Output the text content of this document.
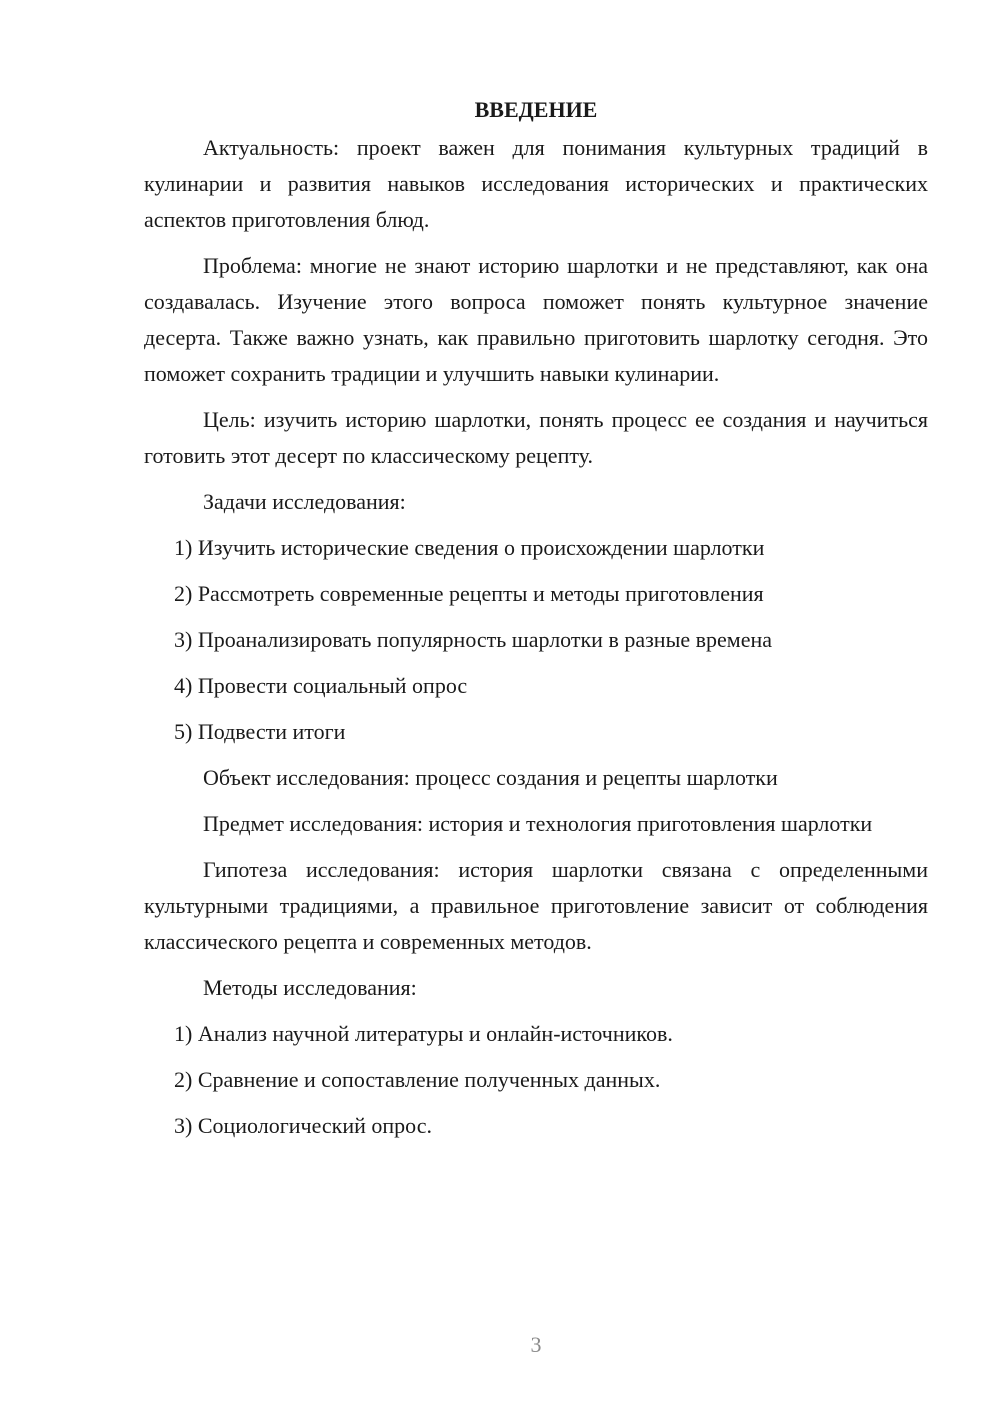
ВВЕДЕНИЕ

Актуальность: проект важен для понимания культурных традиций в кулинарии и развития навыков исследования исторических и практических аспектов приготовления блюд.

Проблема: многие не знают историю шарлотки и не представляют, как она создавалась. Изучение этого вопроса поможет понять культурное значение десерта. Также важно узнать, как правильно приготовить шарлотку сегодня. Это поможет сохранить традиции и улучшить навыки кулинарии.

Цель: изучить историю шарлотки, понять процесс ее создания и научиться готовить этот десерт по классическому рецепту.

Задачи исследования:

1) Изучить исторические сведения о происхождении шарлотки
2) Рассмотреть современные рецепты и методы приготовления
3) Проанализировать популярность шарлотки в разные времена
4) Провести социальный опрос
5) Подвести итоги

Объект исследования: процесс создания и рецепты шарлотки

Предмет исследования: история и технология приготовления шарлотки

Гипотеза исследования: история шарлотки связана с определенными культурными традициями, а правильное приготовление зависит от соблюдения классического рецепта и современных методов.

Методы исследования:

1) Анализ научной литературы и онлайн-источников.
2) Сравнение и сопоставление полученных данных.
3) Социологический опрос.
3
